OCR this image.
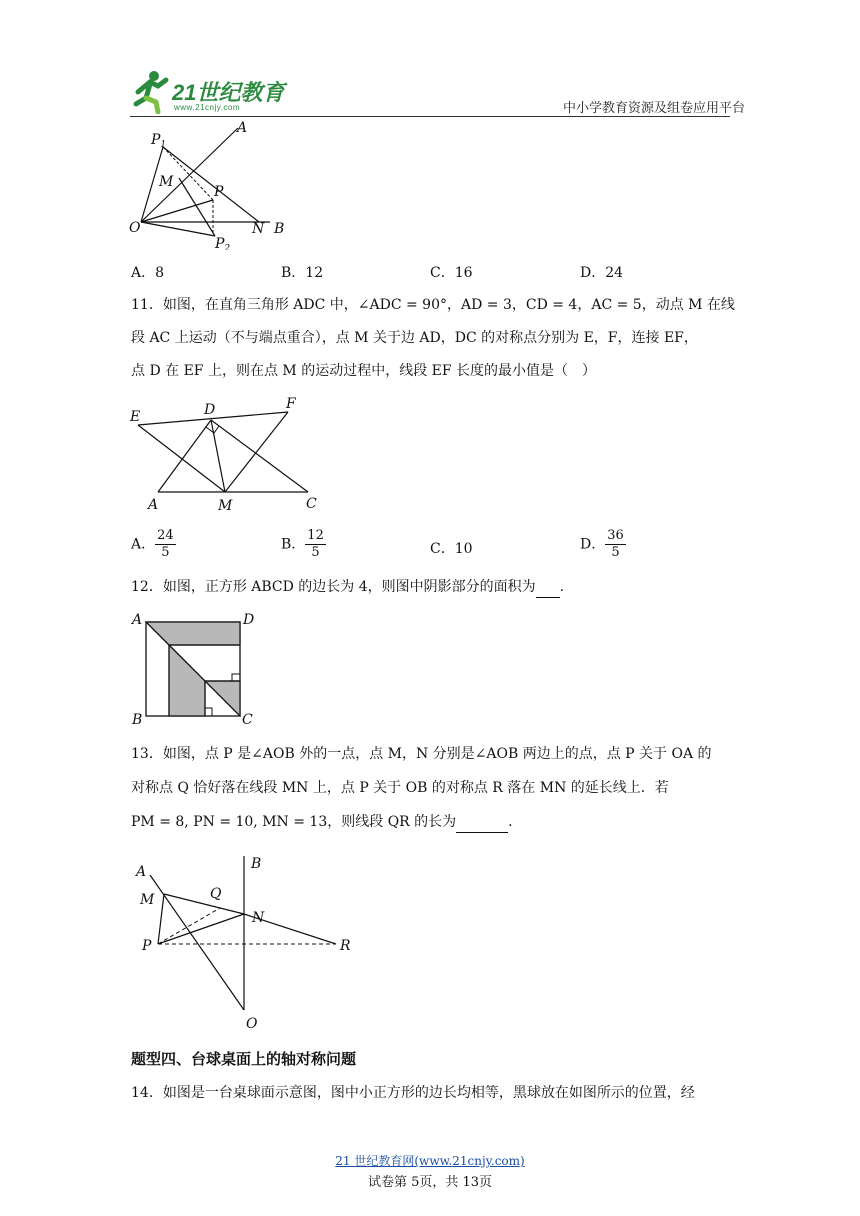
21世纪教育
www.21cnjy.com	中小学教育资源及组卷应用平台
$P_1$
A
M
P
O	N B
$P_2$
A．8	B．12	C．16	D．24
11．如图，在直角三角形 ADC 中，∠ADC = 90°，AD = 3，CD = 4，AC = 5，动点 M 在线
段 AC 上运动（不与端点重合），点 M 关于边 AD，DC 的对称点分别为 E，F，连接 EF，
点 D 在 EF 上，则在点 M 的运动过程中，线段 EF 长度的最小值是（　）
E	D	F
A	M	C
A． $\frac{24}{5}$	B． $\frac{12}{5}$	C．10	D． $\frac{36}{5}$
12．如图，正方形 ABCD 的边长为 4，则图中阴影部分的面积为 .
A	D
B	C
13．如图，点 P 是∠AOB 外的一点，点 M，N 分别是∠AOB 两边上的点，点 P 关于 OA 的
对称点 Q 恰好落在线段 MN 上，点 P 关于 OB 的对称点 R 落在 MN 的延长线上．若
PM = 8, PN = 10, MN = 13，则线段 QR 的长为	.
A	B
M	Q
N
P	R
O
题型四、台球桌面上的轴对称问题
14．如图是一台桌球面示意图，图中小正方形的边长均相等，黑球放在如图所示的位置，经
21 世纪教育网(www.21cnjy.com)
试卷第 5页，共 13页
